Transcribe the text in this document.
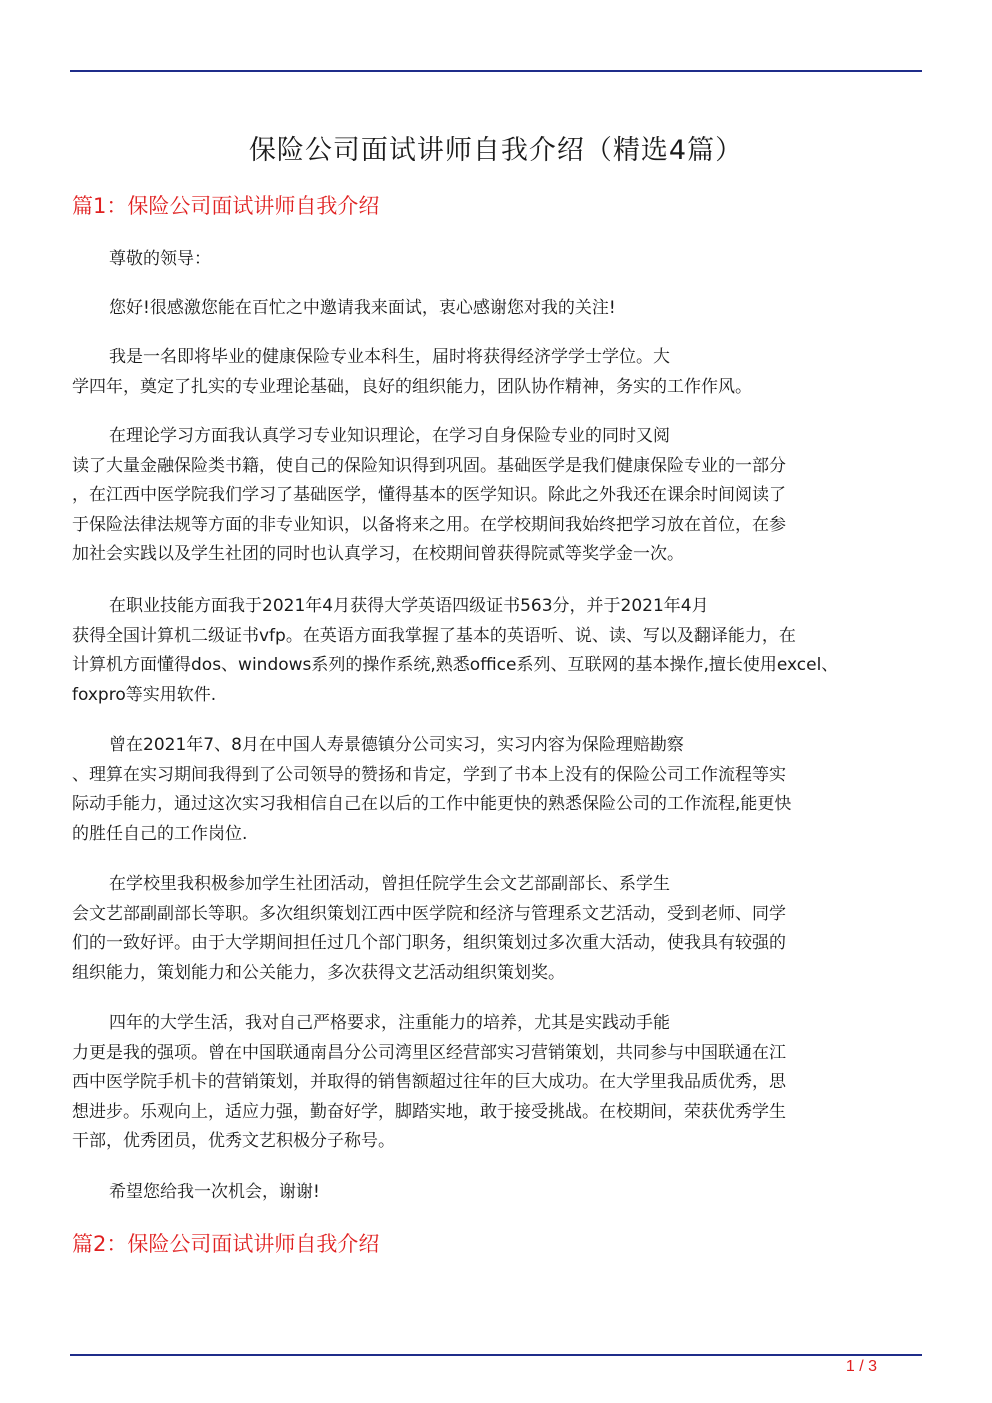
保险公司面试讲师自我介绍（精选4篇）
篇1：保险公司面试讲师自我介绍

尊敬的领导：

您好!很感激您能在百忙之中邀请我来面试，衷心感谢您对我的关注!

我是一名即将毕业的健康保险专业本科生，届时将获得经济学学士学位。大
学四年，奠定了扎实的专业理论基础，良好的组织能力，团队协作精神，务实的工作作风。

在理论学习方面我认真学习专业知识理论，在学习自身保险专业的同时又阅
读了大量金融保险类书籍，使自己的保险知识得到巩固。基础医学是我们健康保险专业的一部分
，在江西中医学院我们学习了基础医学，懂得基本的医学知识。除此之外我还在课余时间阅读了
于保险法律法规等方面的非专业知识，以备将来之用。在学校期间我始终把学习放在首位，在参
加社会实践以及学生社团的同时也认真学习，在校期间曾获得院贰等奖学金一次。

在职业技能方面我于2021年4月获得大学英语四级证书563分，并于2021年4月
获得全国计算机二级证书vfp。在英语方面我掌握了基本的英语听、说、读、写以及翻译能力，在
计算机方面懂得dos、windows系列的操作系统,熟悉office系列、互联网的基本操作,擅长使用excel、
foxpro等实用软件.

曾在2021年7、8月在中国人寿景德镇分公司实习，实习内容为保险理赔勘察
、理算在实习期间我得到了公司领导的赞扬和肯定，学到了书本上没有的保险公司工作流程等实
际动手能力，通过这次实习我相信自己在以后的工作中能更快的熟悉保险公司的工作流程,能更快
的胜任自己的工作岗位.

在学校里我积极参加学生社团活动，曾担任院学生会文艺部副部长、系学生
会文艺部副副部长等职。多次组织策划江西中医学院和经济与管理系文艺活动，受到老师、同学
们的一致好评。由于大学期间担任过几个部门职务，组织策划过多次重大活动，使我具有较强的
组织能力，策划能力和公关能力，多次获得文艺活动组织策划奖。

四年的大学生活，我对自己严格要求，注重能力的培养，尤其是实践动手能
力更是我的强项。曾在中国联通南昌分公司湾里区经营部实习营销策划，共同参与中国联通在江
西中医学院手机卡的营销策划，并取得的销售额超过往年的巨大成功。在大学里我品质优秀，思
想进步。乐观向上，适应力强，勤奋好学，脚踏实地，敢于接受挑战。在校期间，荣获优秀学生
干部，优秀团员，优秀文艺积极分子称号。

希望您给我一次机会，谢谢!

篇2：保险公司面试讲师自我介绍
1 / 3
